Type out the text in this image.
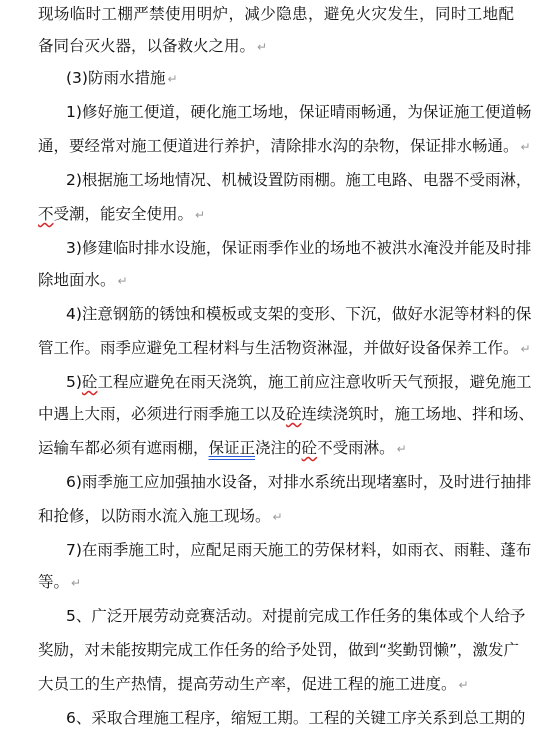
现场临时工棚严禁使用明炉，减少隐患，避免火灾发生，同时工地配
备同台灭火器，以备救火之用。 ↵
(3)防雨水措施 ↵
1)修好施工便道，硬化施工场地，保证晴雨畅通，为保证施工便道畅
通，要经常对施工便道进行养护，清除排水沟的杂物，保证排水畅通。 ↵
2)根据施工场地情况、机械设置防雨棚。施工电路、电器不受雨淋，
不受潮，能安全使用。 ↵
3)修建临时排水设施，保证雨季作业的场地不被洪水淹没并能及时排
除地面水。 ↵
4)注意钢筋的锈蚀和模板或支架的变形、下沉，做好水泥等材料的保
管工作。雨季应避免工程材料与生活物资淋湿，并做好设备保养工作。 ↵
5)砼工程应避免在雨天浇筑，施工前应注意收听天气预报，避免施工
中遇上大雨，必须进行雨季施工以及砼连续浇筑时，施工场地、拌和场、
运输车都必须有遮雨棚，保证正浇注的砼不受雨淋。 ↵
6)雨季施工应加强抽水设备，对排水系统出现堵塞时，及时进行抽排
和抢修，以防雨水流入施工现场。 ↵
7)在雨季施工时，应配足雨天施工的劳保材料，如雨衣、雨鞋、蓬布
等。 ↵
5、广泛开展劳动竞赛活动。对提前完成工作任务的集体或个人给予
奖励，对未能按期完成工作任务的给予处罚，做到“奖勤罚懒”，激发广
大员工的生产热情，提高劳动生产率，促进工程的施工进度。 ↵
6、采取合理施工程序，缩短工期。工程的关键工序关系到总工期的
